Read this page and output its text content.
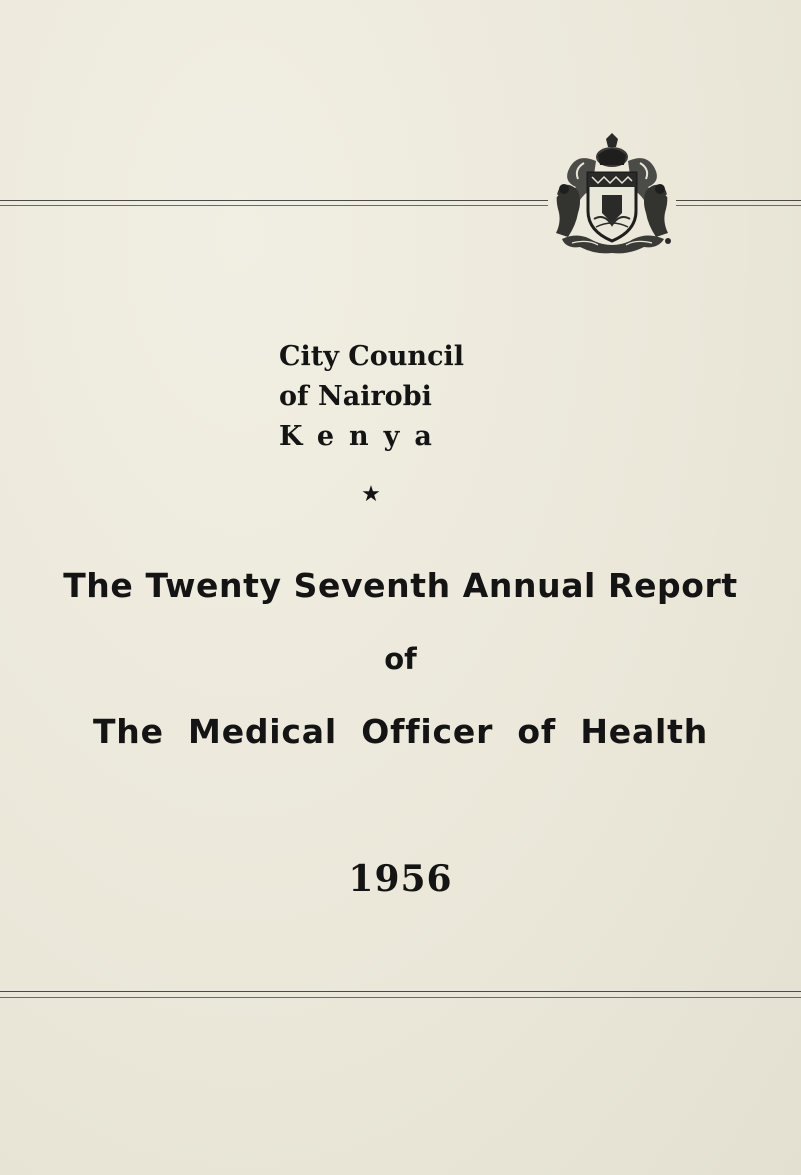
City Council
of Nairobi
Kenya
★
The Twenty Seventh Annual Report
of
The Medical Officer of Health
1956
